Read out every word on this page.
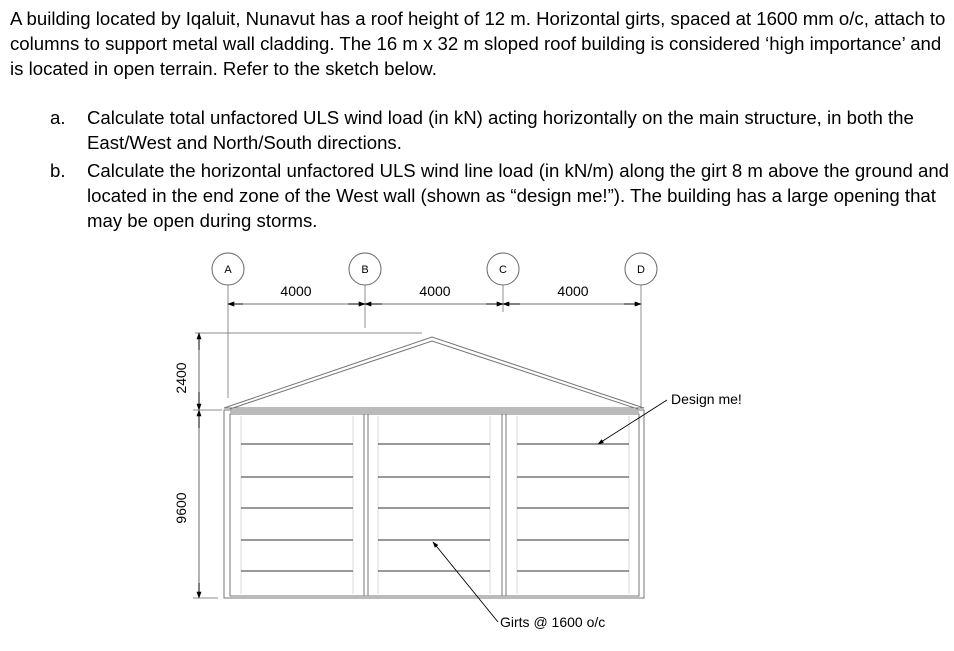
A building located by Iqaluit, Nunavut has a roof height of 12 m. Horizontal girts, spaced at 1600 mm o/c, attach to columns to support metal wall cladding. The 16 m x 32 m sloped roof building is considered ‘high importance’ and is located in open terrain. Refer to the sketch below.

a.	Calculate total unfactored ULS wind load (in kN) acting horizontally on the main structure, in both the East/West and North/South directions.
b.	Calculate the horizontal unfactored ULS wind line load (in kN/m) along the girt 8 m above the ground and located in the end zone of the West wall (shown as “design me!”). The building has a large opening that may be open during storms.
A	B	C	D
4000	4000	4000
2400
9600
Design me!
Girts @ 1600 o/c
